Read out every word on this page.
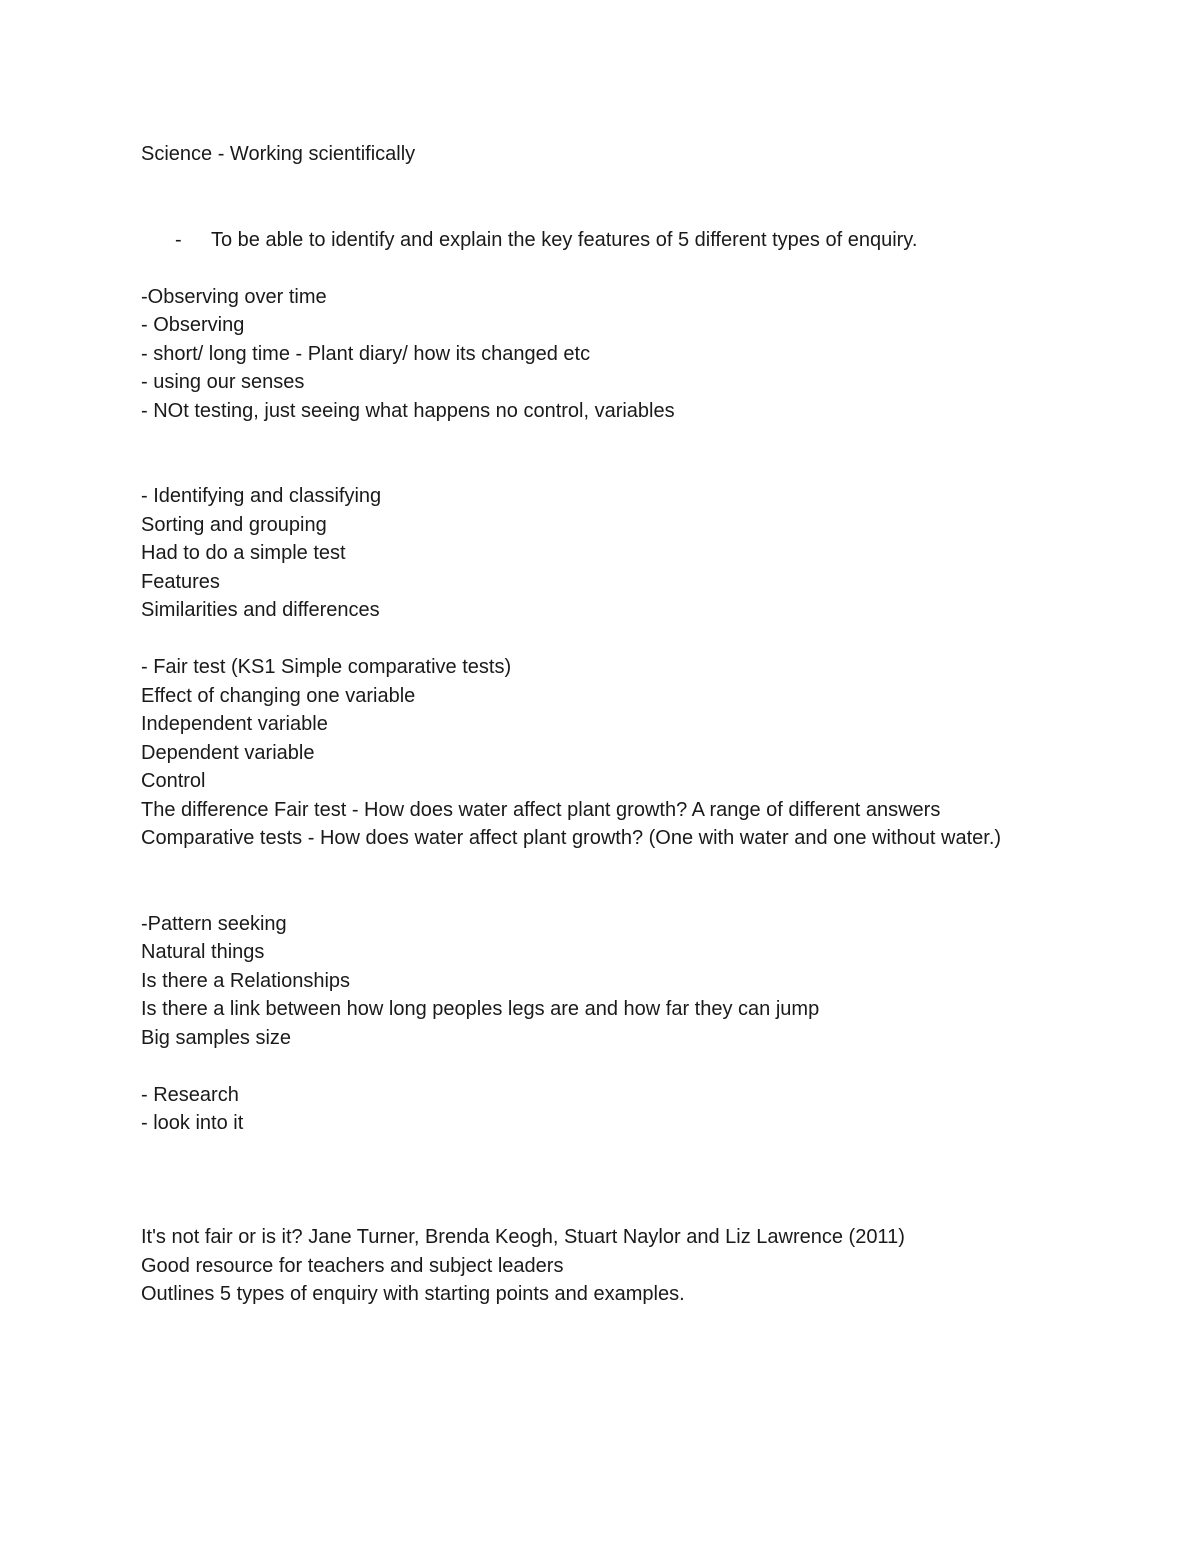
Science - Working scientifically
- To be able to identify and explain the key features of 5 different types of enquiry.
-Observing over time
- Observing
- short/ long time - Plant diary/ how its changed etc
- using our senses
- NOt testing, just seeing what happens no control, variables
- Identifying and classifying
Sorting and grouping
Had to do a simple test
Features
Similarities and differences
- Fair test (KS1 Simple comparative tests)
Effect of changing one variable
Independent variable
Dependent variable
Control
The difference Fair test - How does water affect plant growth? A range of different answers
Comparative tests - How does water affect plant growth? (One with water and one without water.)
-Pattern seeking
Natural things
Is there a Relationships
Is there a link between how long peoples legs are and how far they can jump
Big samples size
- Research
- look into it
It's not fair or is it? Jane Turner, Brenda Keogh, Stuart Naylor and Liz Lawrence (2011)
Good resource for teachers and subject leaders
Outlines 5 types of enquiry with starting points and examples.
